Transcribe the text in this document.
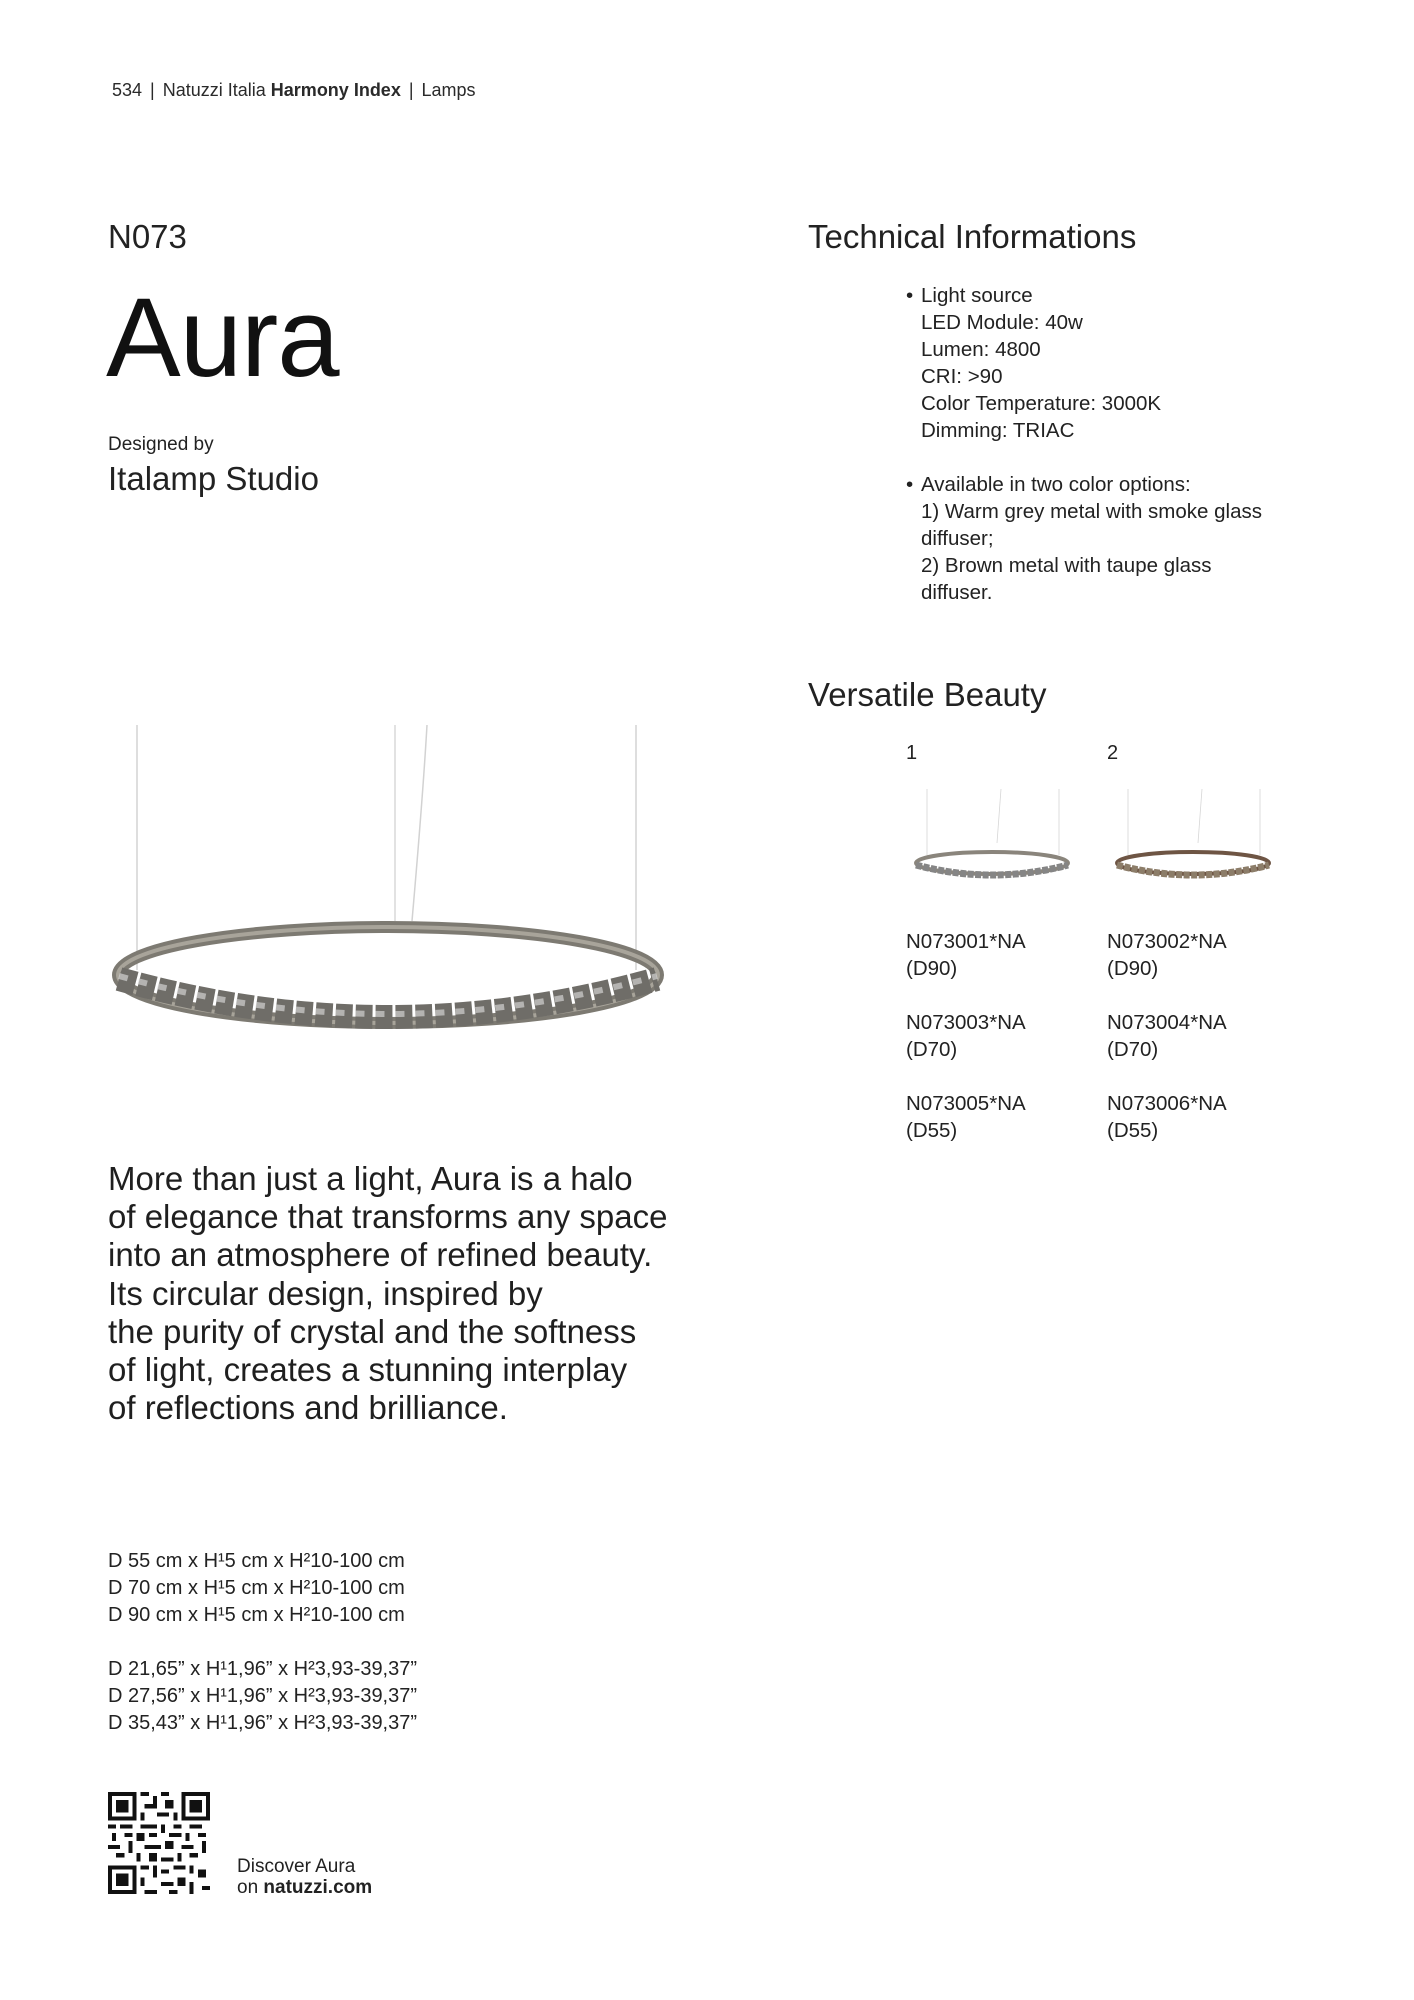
534 | Natuzzi Italia Harmony Index | Lamps
N073
Aura
Designed by
Italamp Studio
More than just a light, Aura is a halo
of elegance that transforms any space
into an atmosphere of refined beauty.
Its circular design, inspired by
the purity of crystal and the softness
of light, creates a stunning interplay
of reflections and brilliance.
D 55 cm x H¹5 cm x H²10-100 cm
D 70 cm x H¹5 cm x H²10-100 cm
D 90 cm x H¹5 cm x H²10-100 cm
D 21,65” x H¹1,96” x H²3,93-39,37”
D 27,56” x H¹1,96” x H²3,93-39,37”
D 35,43” x H¹1,96” x H²3,93-39,37”
Discover Aura
on natuzzi.com
Technical Informations
• Light source
LED Module: 40w
Lumen: 4800
CRI: >90
Color Temperature: 3000K
Dimming: TRIAC
• Available in two color options:
1) Warm grey metal with smoke glass
diffuser;
2) Brown metal with taupe glass
diffuser.
Versatile Beauty
1	2
N073001*NA
(D90)
N073002*NA
(D90)
N073003*NA
(D70)
N073004*NA
(D70)
N073005*NA
(D55)
N073006*NA
(D55)
